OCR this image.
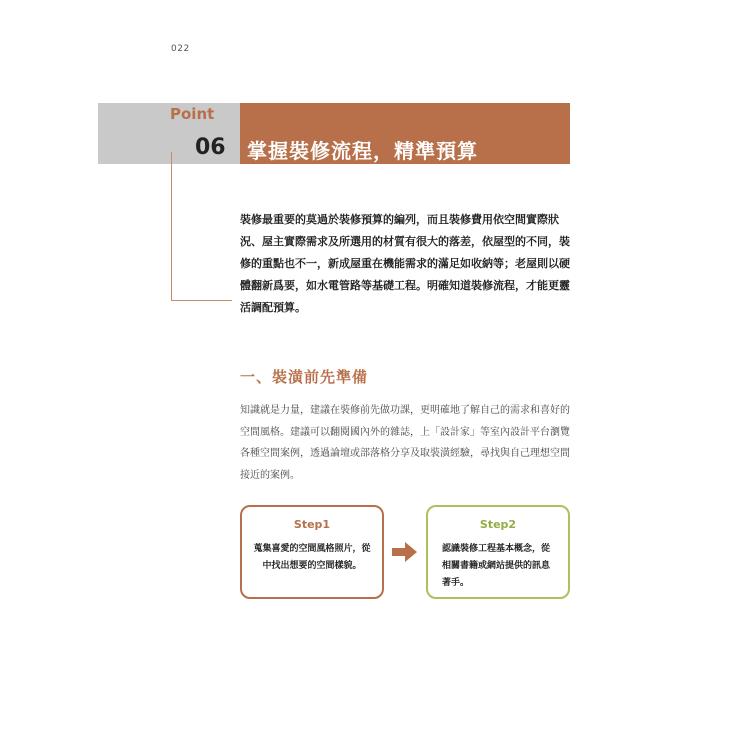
022
Point
06 掌握裝修流程，精準預算

裝修最重要的莫過於裝修預算的編列，而且裝修費用依空間實際狀況、屋主實際需求及所選用的材質有很大的落差，依屋型的不同，裝修的重點也不一，新成屋重在機能需求的滿足如收納等；老屋則以硬體翻新爲要，如水電管路等基礎工程。明確知道裝修流程，才能更靈活調配預算。

一、裝潢前先準備

知識就是力量，建議在裝修前先做功課，更明確地了解自己的需求和喜好的空間風格。建議可以翻閱國內外的雜誌，上「設計家」等室內設計平台瀏覽各種空間案例，透過論壇或部落格分享及取裝潢經驗，尋找與自己理想空間接近的案例。

Step1

蒐集喜愛的空間風格照片，從中找出想要的空間樣貌。

Step2

認識裝修工程基本概念，從相關書籍或網站提供的訊息著手。
